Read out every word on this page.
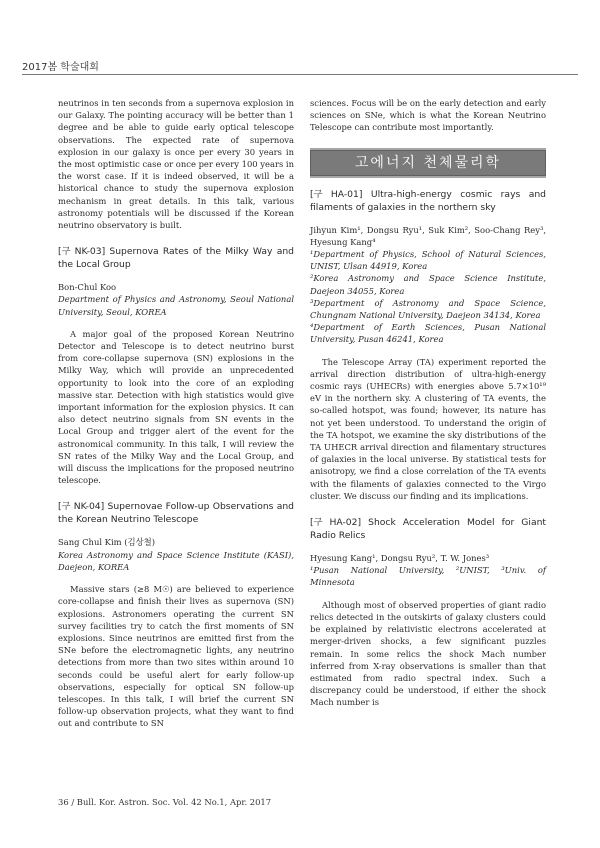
2017봄 학술대회

neutrinos in ten seconds from a supernova explosion in our Galaxy. The pointing accuracy will be better than 1 degree and be able to guide early optical telescope observations. The expected rate of supernova explosion in our galaxy is once per every 30 years in the most optimistic case or once per every 100 years in the worst case. If it is indeed observed, it will be a historical chance to study the supernova explosion mechanism in great details. In this talk, various astronomy potentials will be discussed if the Korean neutrino observatory is built.

[구 NK-03] Supernova Rates of the Milky Way and the Local Group

Bon-Chul Koo

Department of Physics and Astronomy, Seoul National University, Seoul, KOREA

A major goal of the proposed Korean Neutrino Detector and Telescope is to detect neutrino burst from core-collapse supernova (SN) explosions in the Milky Way, which will provide an unprecedented opportunity to look into the core of an exploding massive star. Detection with high statistics would give important information for the explosion physics. It can also detect neutrino signals from SN events in the Local Group and trigger alert of the event for the astronomical community. In this talk, I will review the SN rates of the Milky Way and the Local Group, and will discuss the implications for the proposed neutrino telescope.

[구 NK-04] Supernovae Follow-up Observations and the Korean Neutrino Telescope

Sang Chul Kim (김상철)

Korea Astronomy and Space Science Institute (KASI), Daejeon, KOREA

Massive stars (≥8 M☉) are believed to experience core-collapse and finish their lives as supernova (SN) explosions. Astronomers operating the current SN survey facilities try to catch the first moments of SN explosions. Since neutrinos are emitted first from the SNe before the electromagnetic lights, any neutrino detections from more than two sites within around 10 seconds could be useful alert for early follow-up observations, especially for optical SN follow-up telescopes. In this talk, I will brief the current SN follow-up observation projects, what they want to find out and contribute to SN

sciences. Focus will be on the early detection and early sciences on SNe, which is what the Korean Neutrino Telescope can contribute most importantly.

고에너지 천체물리학

[구 HA-01] Ultra-high-energy cosmic rays and filaments of galaxies in the northern sky

Jihyun Kim¹, Dongsu Ryu¹, Suk Kim², Soo-Chang Rey³, Hyesung Kang⁴

¹Department of Physics, School of Natural Sciences, UNIST, Ulsan 44919, Korea

²Korea Astronomy and Space Science Institute, Daejeon 34055, Korea

³Department of Astronomy and Space Science, Chungnam National University, Daejeon 34134, Korea

⁴Department of Earth Sciences, Pusan National University, Pusan 46241, Korea

The Telescope Array (TA) experiment reported the arrival direction distribution of ultra-high-energy cosmic rays (UHECRs) with energies above 5.7×10¹⁹ eV in the northern sky. A clustering of TA events, the so-called hotspot, was found; however, its nature has not yet been understood. To understand the origin of the TA hotspot, we examine the sky distributions of the TA UHECR arrival direction and filamentary structures of galaxies in the local universe. By statistical tests for anisotropy, we find a close correlation of the TA events with the filaments of galaxies connected to the Virgo cluster. We discuss our finding and its implications.

[구 HA-02] Shock Acceleration Model for Giant Radio Relics

Hyesung Kang¹, Dongsu Ryu², T. W. Jones³

¹Pusan National University, ²UNIST, ³Univ. of Minnesota

Although most of observed properties of giant radio relics detected in the outskirts of galaxy clusters could be explained by relativistic electrons accelerated at merger-driven shocks, a few significant puzzles remain. In some relics the shock Mach number inferred from X-ray observations is smaller than that estimated from radio spectral index. Such a discrepancy could be understood, if either the shock Mach number is

36 / Bull. Kor. Astron. Soc. Vol. 42 No.1, Apr. 2017
